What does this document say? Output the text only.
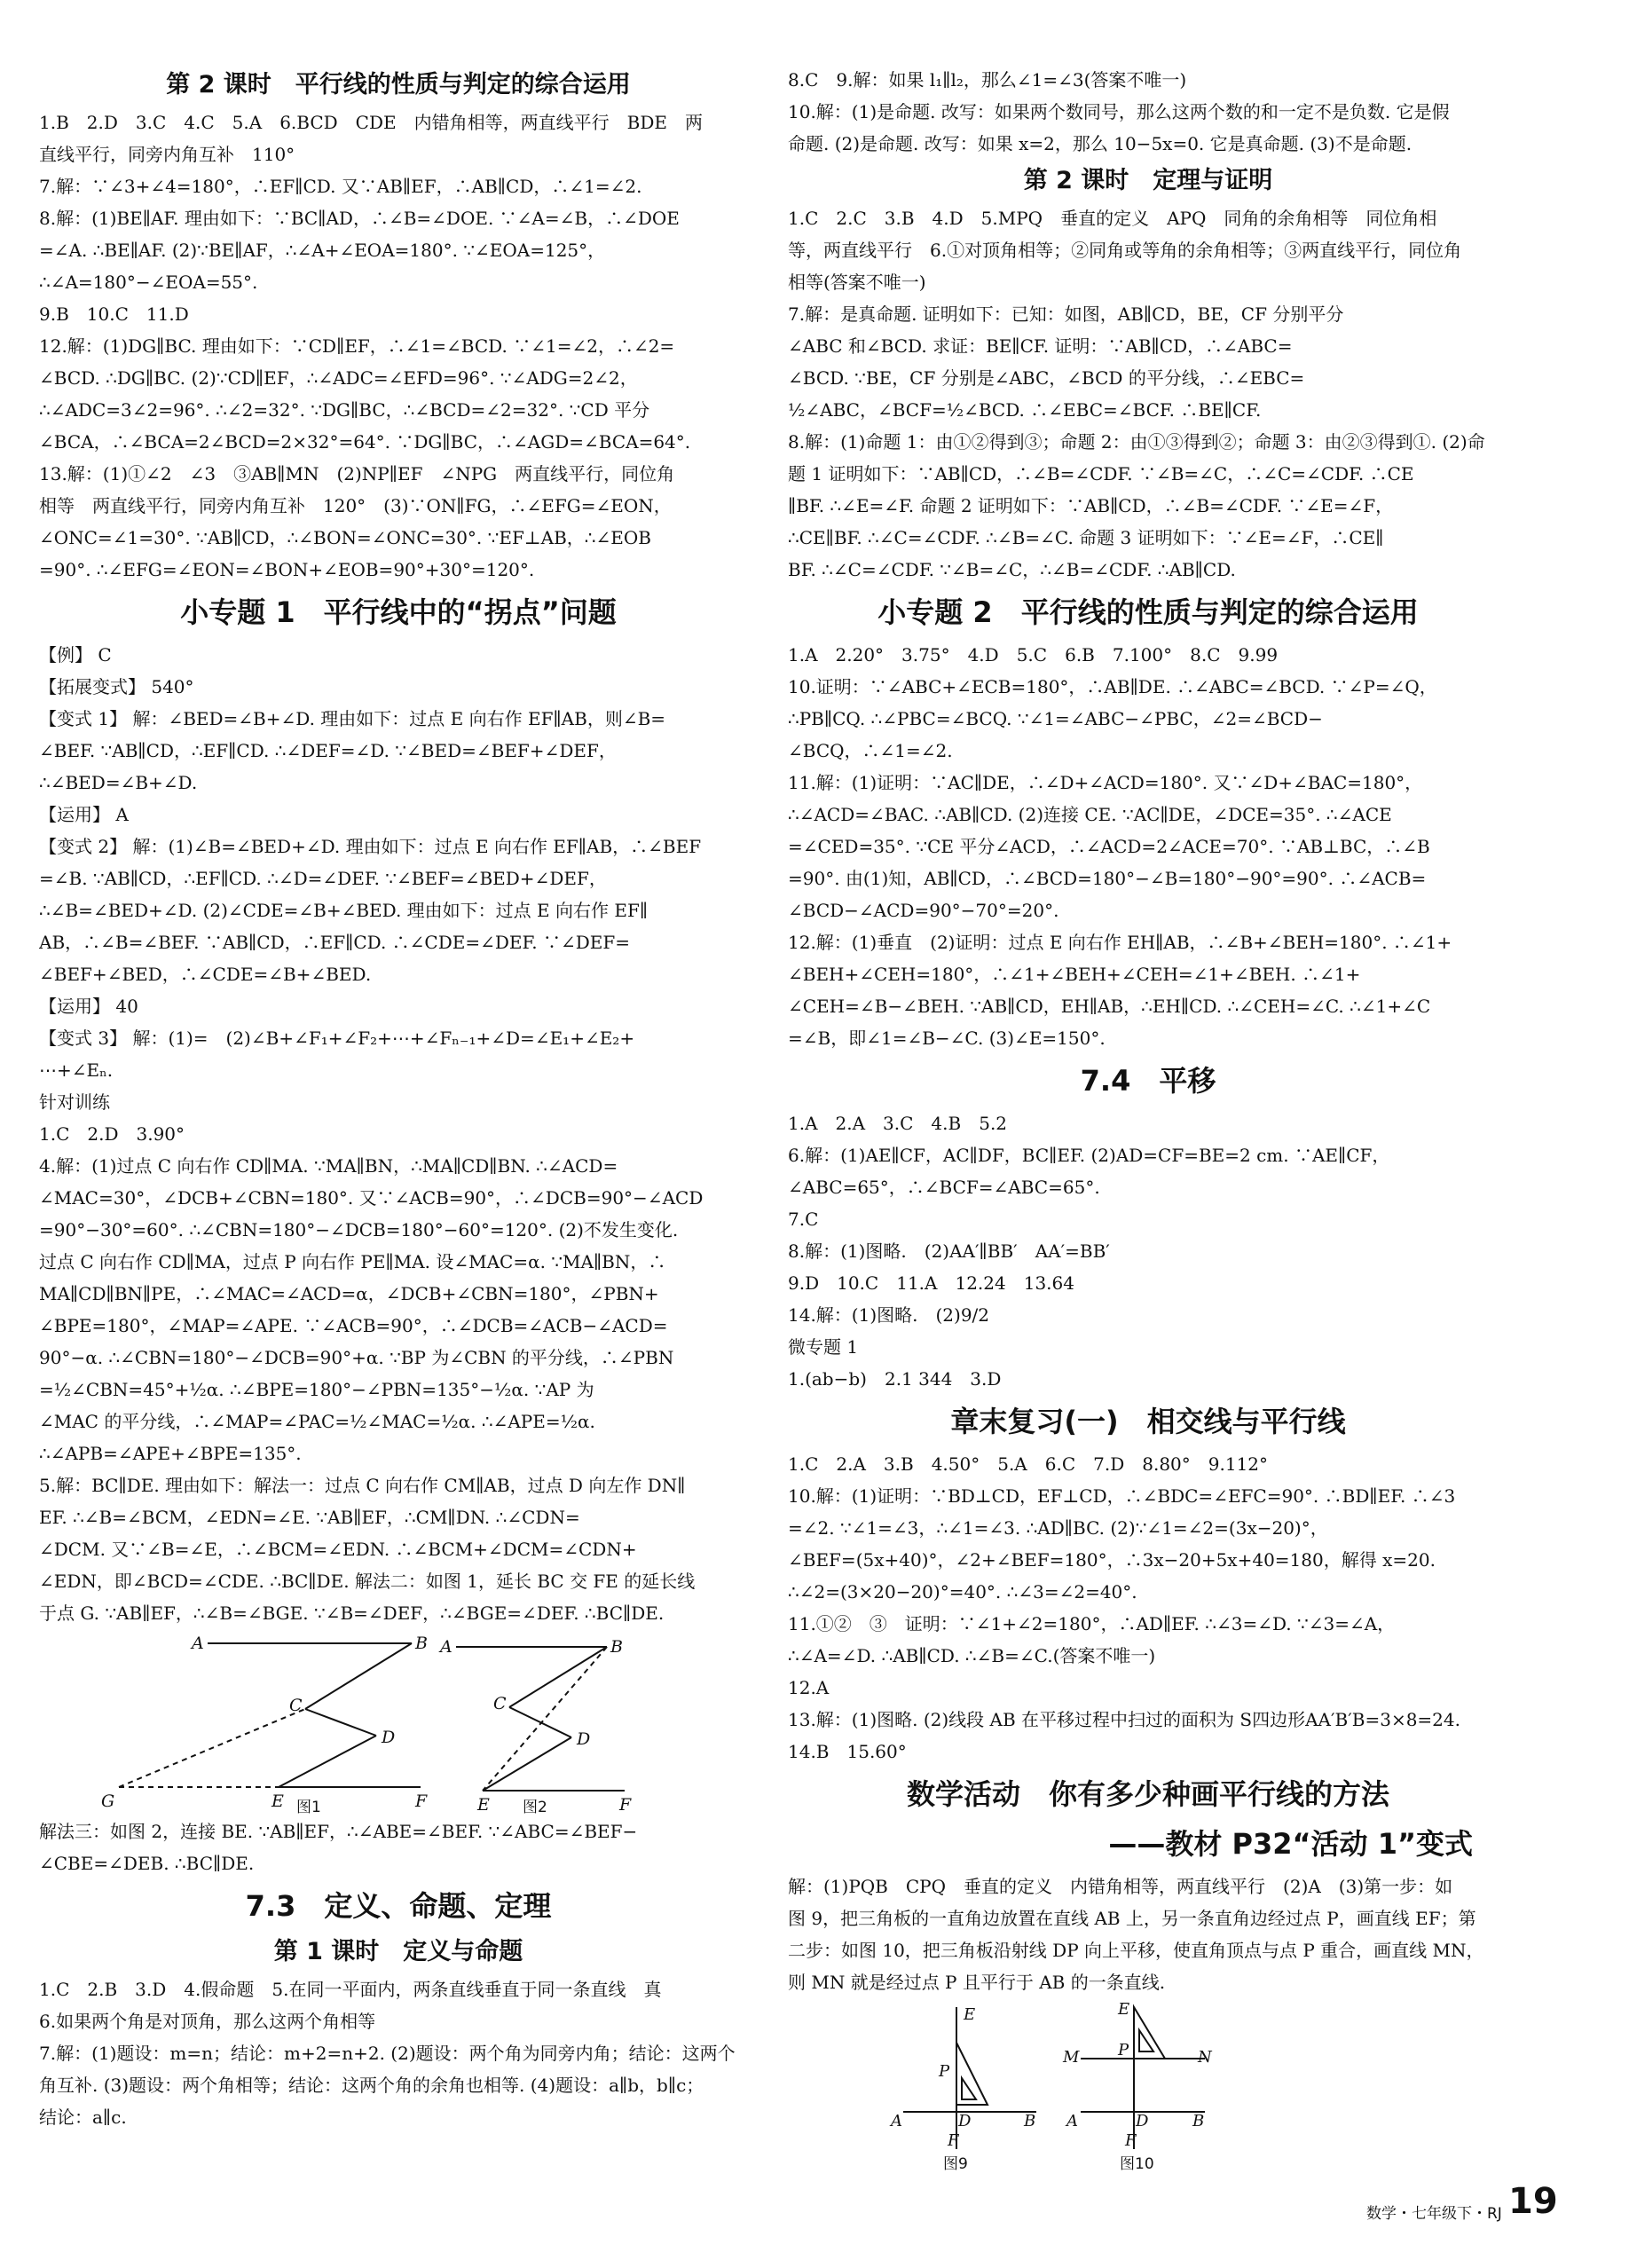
第 2 课时　平行线的性质与判定的综合运用
1.B　2.D　3.C　4.C　5.A　6.BCD　CDE　内错角相等，两直线平行　BDE　两
直线平行，同旁内角互补　110°
7.解：∵∠3+∠4=180°，∴EF∥CD. 又∵AB∥EF，∴AB∥CD，∴∠1=∠2.
8.解：(1)BE∥AF. 理由如下：∵BC∥AD，∴∠B=∠DOE. ∵∠A=∠B，∴∠DOE
=∠A. ∴BE∥AF. (2)∵BE∥AF，∴∠A+∠EOA=180°. ∵∠EOA=125°，
∴∠A=180°−∠EOA=55°.
9.B　10.C　11.D
12.解：(1)DG∥BC. 理由如下：∵CD∥EF，∴∠1=∠BCD. ∵∠1=∠2，∴∠2=
∠BCD. ∴DG∥BC. (2)∵CD∥EF，∴∠ADC=∠EFD=96°. ∵∠ADG=2∠2，
∴∠ADC=3∠2=96°. ∴∠2=32°. ∵DG∥BC，∴∠BCD=∠2=32°. ∵CD 平分
∠BCA，∴∠BCA=2∠BCD=2×32°=64°. ∵DG∥BC，∴∠AGD=∠BCA=64°.
13.解：(1)①∠2　∠3　③AB∥MN　(2)NP∥EF　∠NPG　两直线平行，同位角
相等　两直线平行，同旁内角互补　120°　(3)∵ON∥FG，∴∠EFG=∠EON，
∠ONC=∠1=30°. ∵AB∥CD，∴∠BON=∠ONC=30°. ∵EF⊥AB，∴∠EOB
=90°. ∴∠EFG=∠EON=∠BON+∠EOB=90°+30°=120°.
小专题 1　平行线中的“拐点”问题
【例】 C
【拓展变式】 540°
【变式 1】 解：∠BED=∠B+∠D. 理由如下：过点 E 向右作 EF∥AB，则∠B=
∠BEF. ∵AB∥CD，∴EF∥CD. ∴∠DEF=∠D. ∵∠BED=∠BEF+∠DEF，
∴∠BED=∠B+∠D.
【运用】 A
【变式 2】 解：(1)∠B=∠BED+∠D. 理由如下：过点 E 向右作 EF∥AB，∴∠BEF
=∠B. ∵AB∥CD，∴EF∥CD. ∴∠D=∠DEF. ∵∠BEF=∠BED+∠DEF，
∴∠B=∠BED+∠D. (2)∠CDE=∠B+∠BED. 理由如下：过点 E 向右作 EF∥
AB，∴∠B=∠BEF. ∵AB∥CD，∴EF∥CD. ∴∠CDE=∠DEF. ∵∠DEF=
∠BEF+∠BED，∴∠CDE=∠B+∠BED.
【运用】 40
【变式 3】 解：(1)=　(2)∠B+∠F₁+∠F₂+⋯+∠Fₙ₋₁+∠D=∠E₁+∠E₂+
⋯+∠Eₙ.
针对训练
1.C　2.D　3.90°
4.解：(1)过点 C 向右作 CD∥MA. ∵MA∥BN，∴MA∥CD∥BN. ∴∠ACD=
∠MAC=30°，∠DCB+∠CBN=180°. 又∵∠ACB=90°，∴∠DCB=90°−∠ACD
=90°−30°=60°. ∴∠CBN=180°−∠DCB=180°−60°=120°. (2)不发生变化.
过点 C 向右作 CD∥MA，过点 P 向右作 PE∥MA. 设∠MAC=α. ∵MA∥BN，∴
MA∥CD∥BN∥PE，∴∠MAC=∠ACD=α，∠DCB+∠CBN=180°，∠PBN+
∠BPE=180°，∠MAP=∠APE. ∵∠ACB=90°，∴∠DCB=∠ACB−∠ACD=
90°−α. ∴∠CBN=180°−∠DCB=90°+α. ∵BP 为∠CBN 的平分线，∴∠PBN
=½∠CBN=45°+½α. ∴∠BPE=180°−∠PBN=135°−½α. ∵AP 为
∠MAC 的平分线，∴∠MAP=∠PAC=½∠MAC=½α. ∴∠APE=½α.
∴∠APB=∠APE+∠BPE=135°.
5.解：BC∥DE. 理由如下：解法一：过点 C 向右作 CM∥AB，过点 D 向左作 DN∥
EF. ∴∠B=∠BCM，∠EDN=∠E. ∵AB∥EF，∴CM∥DN. ∴∠CDN=
∠DCM. 又∵∠B=∠E，∴∠BCM=∠EDN. ∴∠BCM+∠DCM=∠CDN+
∠EDN，即∠BCD=∠CDE. ∴BC∥DE. 解法二：如图 1，延长 BC 交 FE 的延长线
于点 G. ∵AB∥EF，∴∠B=∠BGE. ∵∠B=∠DEF，∴∠BGE=∠DEF. ∴BC∥DE.
A	B
C
D
G	E	F
A	B
C
D
E	F
图1	图2
解法三：如图 2，连接 BE. ∵AB∥EF，∴∠ABE=∠BEF. ∵∠ABC=∠BEF−
∠CBE=∠DEB. ∴BC∥DE.
7.3　定义、命题、定理
第 1 课时　定义与命题
1.C　2.B　3.D　4.假命题　5.在同一平面内，两条直线垂直于同一条直线　真
6.如果两个角是对顶角，那么这两个角相等
7.解：(1)题设：m=n；结论：m+2=n+2. (2)题设：两个角为同旁内角；结论：这两个
角互补. (3)题设：两个角相等；结论：这两个角的余角也相等. (4)题设：a∥b，b∥c；
结论：a∥c.
8.C　9.解：如果 l₁∥l₂，那么∠1=∠3(答案不唯一)
10.解：(1)是命题. 改写：如果两个数同号，那么这两个数的和一定不是负数. 它是假
命题. (2)是命题. 改写：如果 x=2，那么 10−5x=0. 它是真命题. (3)不是命题.
第 2 课时　定理与证明
1.C　2.C　3.B　4.D　5.MPQ　垂直的定义　APQ　同角的余角相等　同位角相
等，两直线平行　6.①对顶角相等；②同角或等角的余角相等；③两直线平行，同位角
相等(答案不唯一)
7.解：是真命题. 证明如下：已知：如图，AB∥CD，BE，CF 分别平分
∠ABC 和∠BCD. 求证：BE∥CF. 证明：∵AB∥CD，∴∠ABC=
∠BCD. ∵BE，CF 分别是∠ABC，∠BCD 的平分线，∴∠EBC=
½∠ABC，∠BCF=½∠BCD. ∴∠EBC=∠BCF. ∴BE∥CF.
8.解：(1)命题 1：由①②得到③；命题 2：由①③得到②；命题 3：由②③得到①. (2)命
题 1 证明如下：∵AB∥CD，∴∠B=∠CDF. ∵∠B=∠C，∴∠C=∠CDF. ∴CE
∥BF. ∴∠E=∠F. 命题 2 证明如下：∵AB∥CD，∴∠B=∠CDF. ∵∠E=∠F，
∴CE∥BF. ∴∠C=∠CDF. ∴∠B=∠C. 命题 3 证明如下：∵∠E=∠F，∴CE∥
BF. ∴∠C=∠CDF. ∵∠B=∠C，∴∠B=∠CDF. ∴AB∥CD.
小专题 2　平行线的性质与判定的综合运用
1.A　2.20°　3.75°　4.D　5.C　6.B　7.100°　8.C　9.99
10.证明：∵∠ABC+∠ECB=180°，∴AB∥DE. ∴∠ABC=∠BCD. ∵∠P=∠Q，
∴PB∥CQ. ∴∠PBC=∠BCQ. ∵∠1=∠ABC−∠PBC，∠2=∠BCD−
∠BCQ，∴∠1=∠2.
11.解：(1)证明：∵AC∥DE，∴∠D+∠ACD=180°. 又∵∠D+∠BAC=180°，
∴∠ACD=∠BAC. ∴AB∥CD. (2)连接 CE. ∵AC∥DE，∠DCE=35°. ∴∠ACE
=∠CED=35°. ∵CE 平分∠ACD，∴∠ACD=2∠ACE=70°. ∵AB⊥BC，∴∠B
=90°. 由(1)知，AB∥CD，∴∠BCD=180°−∠B=180°−90°=90°. ∴∠ACB=
∠BCD−∠ACD=90°−70°=20°.
12.解：(1)垂直　(2)证明：过点 E 向右作 EH∥AB，∴∠B+∠BEH=180°. ∴∠1+
∠BEH+∠CEH=180°，∴∠1+∠BEH+∠CEH=∠1+∠BEH. ∴∠1+
∠CEH=∠B−∠BEH. ∵AB∥CD，EH∥AB，∴EH∥CD. ∴∠CEH=∠C. ∴∠1+∠C
=∠B，即∠1=∠B−∠C. (3)∠E=150°.
7.4　平移
1.A　2.A　3.C　4.B　5.2
6.解：(1)AE∥CF，AC∥DF，BC∥EF. (2)AD=CF=BE=2 cm. ∵AE∥CF，
∠ABC=65°，∴∠BCF=∠ABC=65°.
7.C
8.解：(1)图略.　(2)AA′∥BB′　AA′=BB′
9.D　10.C　11.A　12.24　13.64
14.解：(1)图略.　(2)9/2
微专题 1
1.(ab−b)　2.1 344　3.D
章末复习(一)　相交线与平行线
1.C　2.A　3.B　4.50°　5.A　6.C　7.D　8.80°　9.112°
10.解：(1)证明：∵BD⊥CD，EF⊥CD，∴∠BDC=∠EFC=90°. ∴BD∥EF. ∴∠3
=∠2. ∵∠1=∠3，∴∠1=∠3. ∴AD∥BC. (2)∵∠1=∠2=(3x−20)°，
∠BEF=(5x+40)°，∠2+∠BEF=180°，∴3x−20+5x+40=180，解得 x=20.
∴∠2=(3×20−20)°=40°. ∴∠3=∠2=40°.
11.①②　③　证明：∵∠1+∠2=180°，∴AD∥EF. ∴∠3=∠D. ∵∠3=∠A，
∴∠A=∠D. ∴AB∥CD. ∴∠B=∠C.(答案不唯一)
12.A
13.解：(1)图略. (2)线段 AB 在平移过程中扫过的面积为 S四边形AA′B′B=3×8=24.
14.B　15.60°
数学活动　你有多少种画平行线的方法
——教材 P32“活动 1”变式
解：(1)PQB　CPQ　垂直的定义　内错角相等，两直线平行　(2)A　(3)第一步：如
图 9，把三角板的一直角边放置在直线 AB 上，另一条直角边经过点 P，画直线 EF；第
二步：如图 10，把三角板沿射线 DP 向上平移，使直角顶点与点 P 重合，画直线 MN，
则 MN 就是经过点 P 且平行于 AB 的一条直线.
E
P
A	D	B
F
E
P
M	N
A	D	B
F
图9	图10
数学・七年级下・RJ 19
